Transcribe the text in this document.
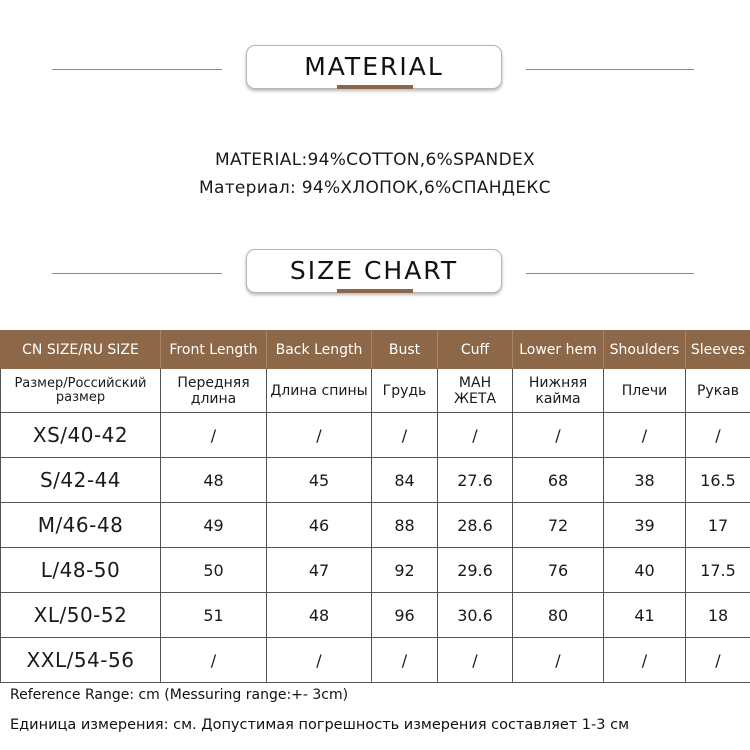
MATERIAL
MATERIAL:94%COTTON,6%SPANDEX
Материал: 94%ХЛОПОК,6%СПАНДЕКС
SIZE CHART
CN SIZE/RU SIZE	Front Length	Back Length	Bust	Cuff	Lower hem	Shoulders	Sleeves
Размер/Российский размер	Передняя длина	Длина спины	Грудь	МАН ЖЕТА	Нижняя кайма	Плечи	Рукав
XS/40-42	/	/	/	/	/	/	/
S/42-44	48	45	84	27.6	68	38	16.5
M/46-48	49	46	88	28.6	72	39	17
L/48-50	50	47	92	29.6	76	40	17.5
XL/50-52	51	48	96	30.6	80	41	18
XXL/54-56	/	/	/	/	/	/	/
Reference Range: cm (Messuring range:+- 3cm)
Единица измерения: см. Допустимая погрешность измерения составляет 1-3 см
